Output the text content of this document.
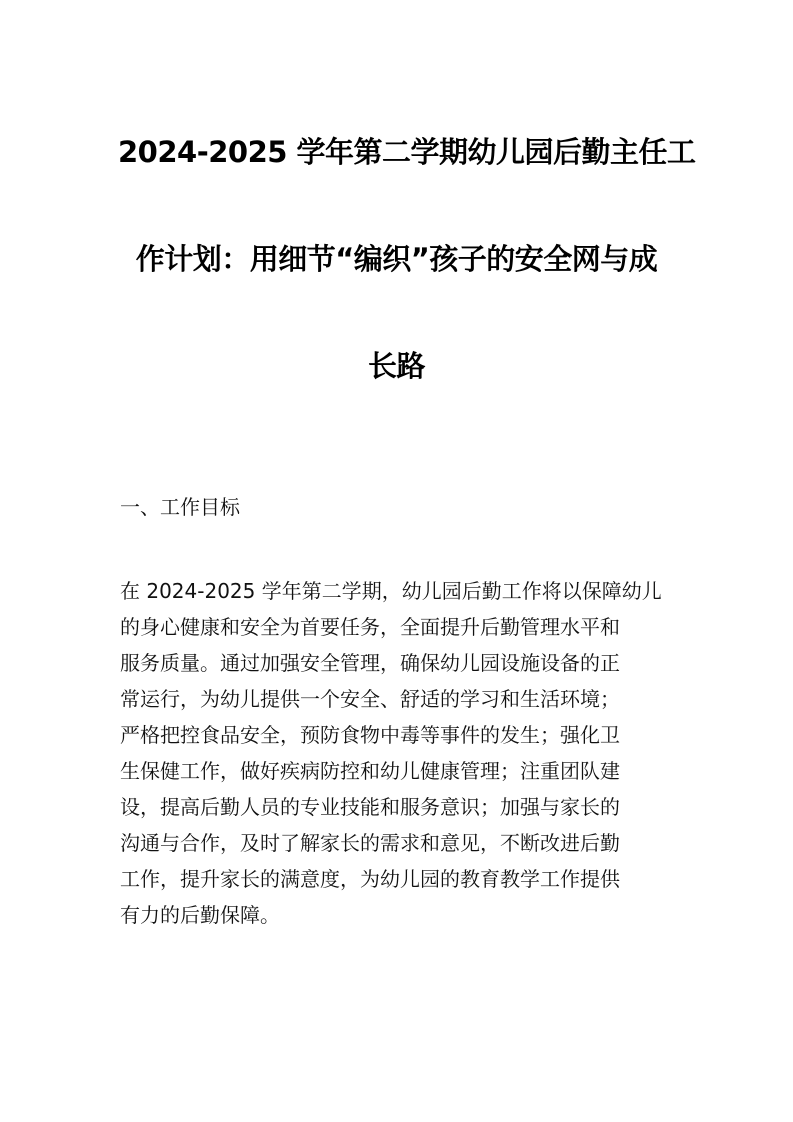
2024-2025 学年第二学期幼儿园后勤主任工
作计划：用细节“编织”孩子的安全网与成
长路
一、工作目标

在 2024-2025 学年第二学期，幼儿园后勤工作将以保障幼儿
的身心健康和安全为首要任务，全面提升后勤管理水平和
服务质量。通过加强安全管理，确保幼儿园设施设备的正
常运行，为幼儿提供一个安全、舒适的学习和生活环境；
严格把控食品安全，预防食物中毒等事件的发生；强化卫
生保健工作，做好疾病防控和幼儿健康管理；注重团队建
设，提高后勤人员的专业技能和服务意识；加强与家长的
沟通与合作，及时了解家长的需求和意见，不断改进后勤
工作，提升家长的满意度，为幼儿园的教育教学工作提供
有力的后勤保障。
